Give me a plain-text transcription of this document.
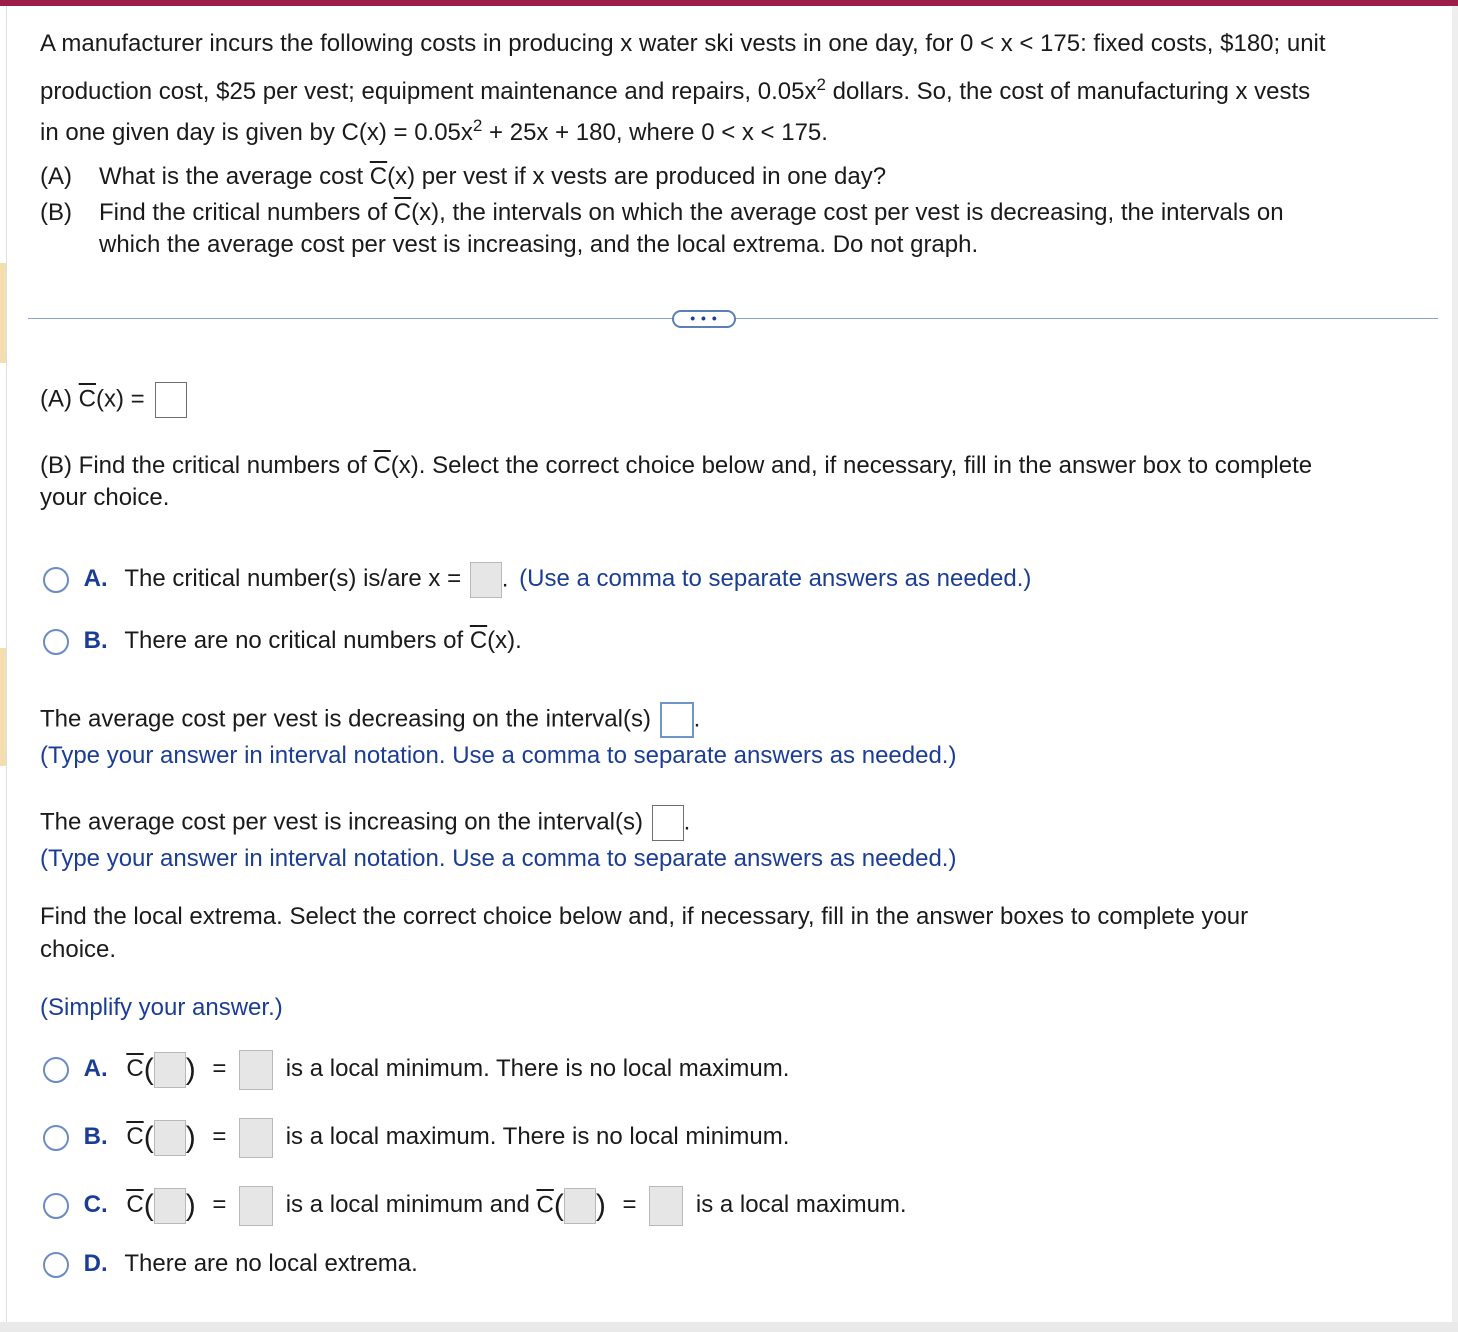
A manufacturer incurs the following costs in producing x water ski vests in one day, for 0 < x < 175: fixed costs, $180; unit
production cost, $25 per vest; equipment maintenance and repairs, $0.05x^2$ dollars. So, the cost of manufacturing x vests
in one given day is given by $C(x) = 0.05x^2 + 25x + 180$, where 0 < x < 175.
(A) What is the average cost $\overline{C}(x)$ per vest if x vests are produced in one day?
(B) Find the critical numbers of $\overline{C}(x)$, the intervals on which the average cost per vest is decreasing, the intervals on
which the average cost per vest is increasing, and the local extrema. Do not graph.
• • •
(A) $\overline{C}(x)$ =
(B) Find the critical numbers of $\overline{C}(x)$. Select the correct choice below and, if necessary, fill in the answer box to complete
your choice.
A. The critical number(s) is/are x = . (Use a comma to separate answers as needed.)
B. There are no critical numbers of $\overline{C}(x)$.
The average cost per vest is decreasing on the interval(s) .
(Type your answer in interval notation. Use a comma to separate answers as needed.)
The average cost per vest is increasing on the interval(s) .
(Type your answer in interval notation. Use a comma to separate answers as needed.)
Find the local extrema. Select the correct choice below and, if necessary, fill in the answer boxes to complete your
choice.
(Simplify your answer.)
A. $\overline{C}$( ) = is a local minimum. There is no local maximum.
B. $\overline{C}$( ) = is a local maximum. There is no local minimum.
C. $\overline{C}$( ) = is a local minimum and $\overline{C}$( ) = is a local maximum.
D. There are no local extrema.
